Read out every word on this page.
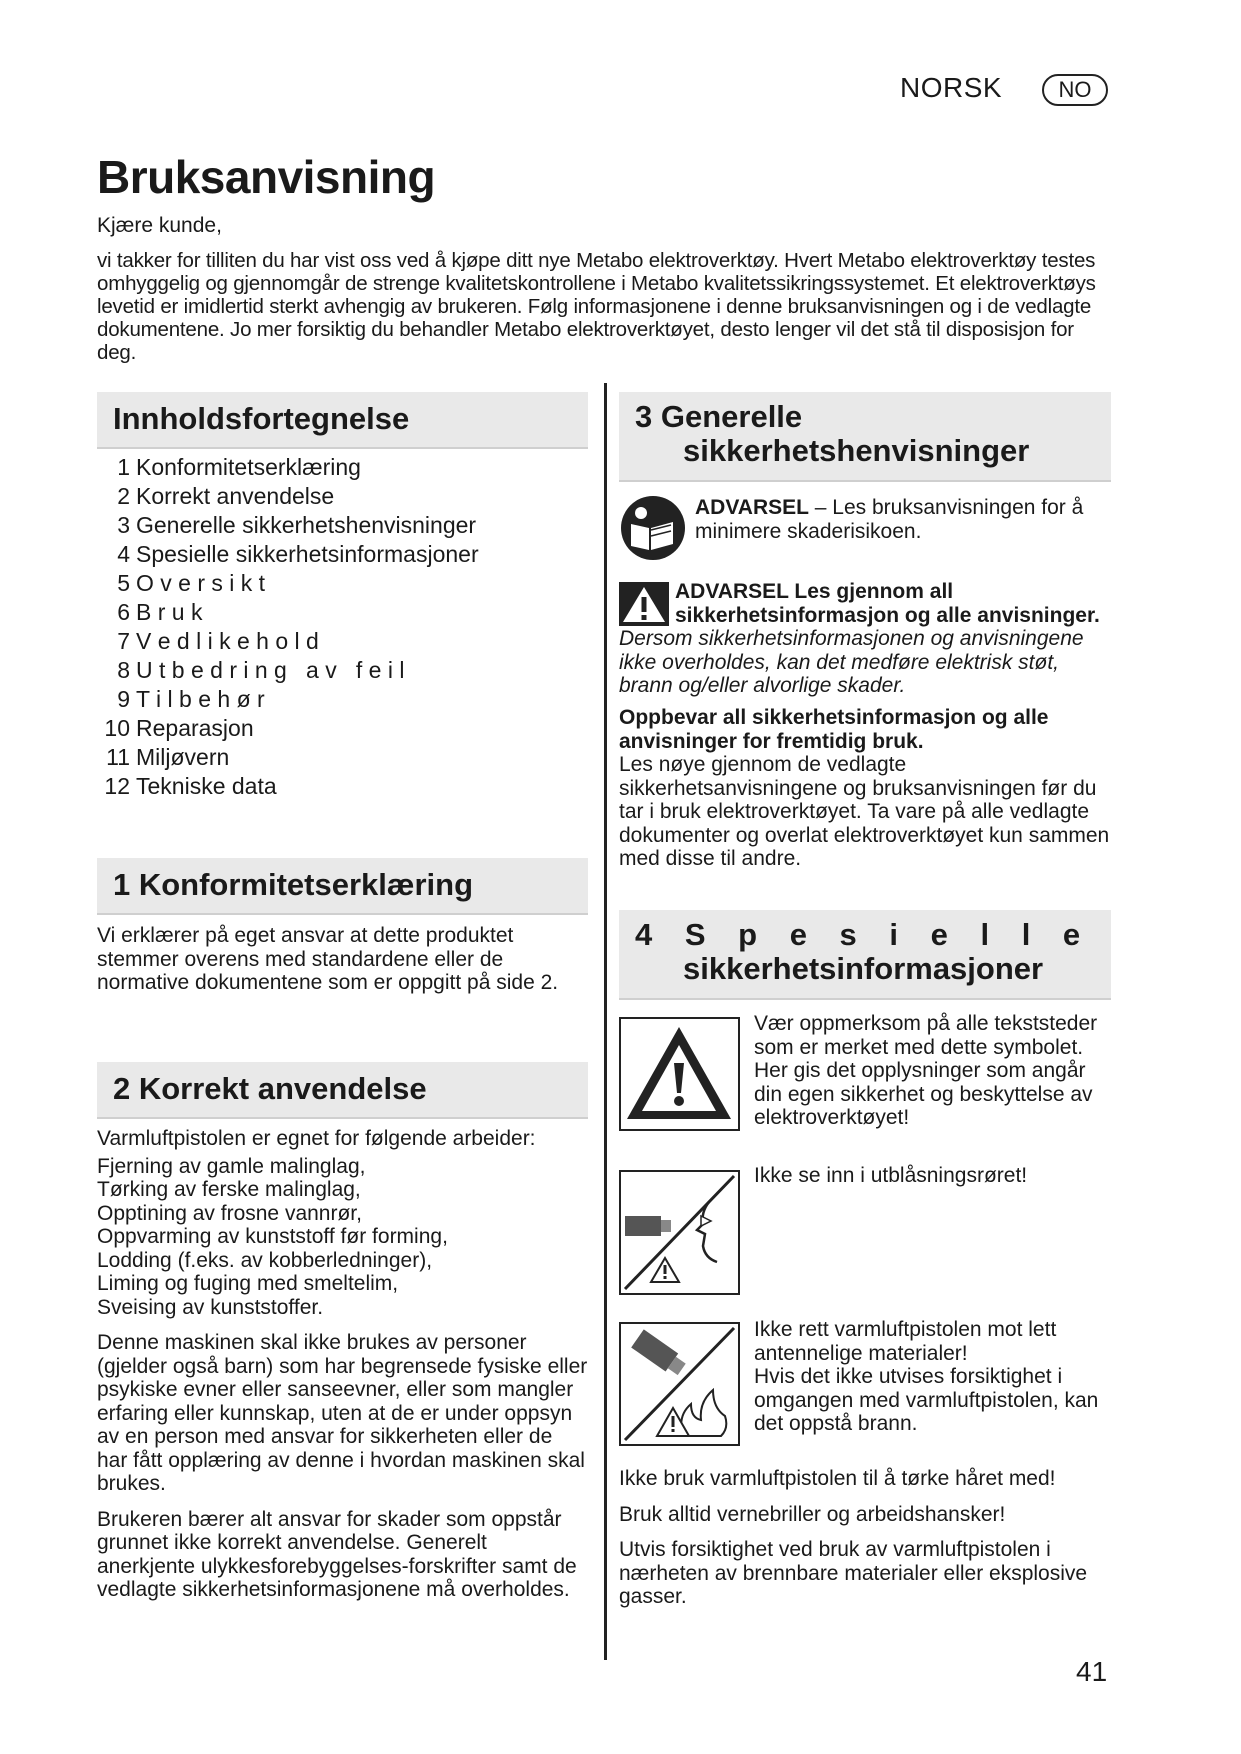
NORSK	NO
Bruksanvisning
Kjære kunde,
vi takker for tilliten du har vist oss ved å kjøpe ditt nye Metabo elektroverktøy. Hvert Metabo elektroverktøy testes omhyggelig og gjennomgår de strenge kvalitetskontrollene i Metabo kvalitetssikringssystemet. Et elektroverktøys levetid er imidlertid sterkt avhengig av brukeren. Følg informasjonene i denne bruksanvisningen og i de vedlagte dokumentene. Jo mer forsiktig du behandler Metabo elektroverktøyet, desto lenger vil det stå til disposisjon for deg.
Innholdsfortegnelse
1 Konformitetserklæring
2 Korrekt anvendelse
3 Generelle sikkerhetshenvisninger
4 Spesielle sikkerhetsinformasjoner
5 O v e r s i k t
6 B r u k
7 V e d l i k e h o l d
8 U t b e d r i n g   a v   f e i l
9 T i l b e h ø r
10 Reparasjon
11 Miljøvern
12 Tekniske data
1 Konformitetserklæring
Vi erklærer på eget ansvar at dette produktet stemmer overens med standardene eller de normative dokumentene som er oppgitt på side 2.
2 Korrekt anvendelse

Varmluftpistolen er egnet for følgende arbeider:

Fjerning av gamle malinglag,
Tørking av ferske malinglag,
Opptining av frosne vannrør,
Oppvarming av kunststoff før forming,
Lodding (f.eks. av kobberledninger),
Liming og fuging med smeltelim,
Sveising av kunststoffer.

Denne maskinen skal ikke brukes av personer (gjelder også barn) som har begrensede fysiske eller psykiske evner eller sanseevner, eller som mangler erfaring eller kunnskap, uten at de er under oppsyn av en person med ansvar for sikkerheten eller de har fått opplæring av denne i hvordan maskinen skal brukes.

Brukeren bærer alt ansvar for skader som oppstår grunnet ikke korrekt anvendelse. Generelt anerkjente ulykkesforebyggelses-forskrifter samt de vedlagte sikkerhetsinformasjonene må overholdes.

3 Generelle
sikkerhetshenvisninger
ADVARSEL – Les bruksanvisningen for å minimere skaderisikoen.
ADVARSEL Les gjennom all sikkerhetsinformasjon og alle anvisninger. Dersom sikkerhetsinformasjonen og anvisningene ikke overholdes, kan det medføre elektrisk støt, brann og/eller alvorlige skader.
Oppbevar all sikkerhetsinformasjon og alle anvisninger for fremtidig bruk.
Les nøye gjennom de vedlagte sikkerhetsanvisningene og bruksanvisningen før du tar i bruk elektroverktøyet. Ta vare på alle vedlagte dokumenter og overlat elektroverktøyet kun sammen med disse til andre.
4 S p e s i e l l e
sikkerhetsinformasjoner
Vær oppmerksom på alle tekststeder som er merket med dette symbolet. Her gis det opplysninger som angår din egen sikkerhet og beskyttelse av elektroverktøyet!
Ikke se inn i utblåsningsrøret!
Ikke rett varmluftpistolen mot lett antennelige materialer!
Hvis det ikke utvises forsiktighet i omgangen med varmluftpistolen, kan det oppstå brann.

Ikke bruk varmluftpistolen til å tørke håret med!

Bruk alltid vernebriller og arbeidshansker!

Utvis forsiktighet ved bruk av varmluftpistolen i nærheten av brennbare materialer eller eksplosive gasser.

41
